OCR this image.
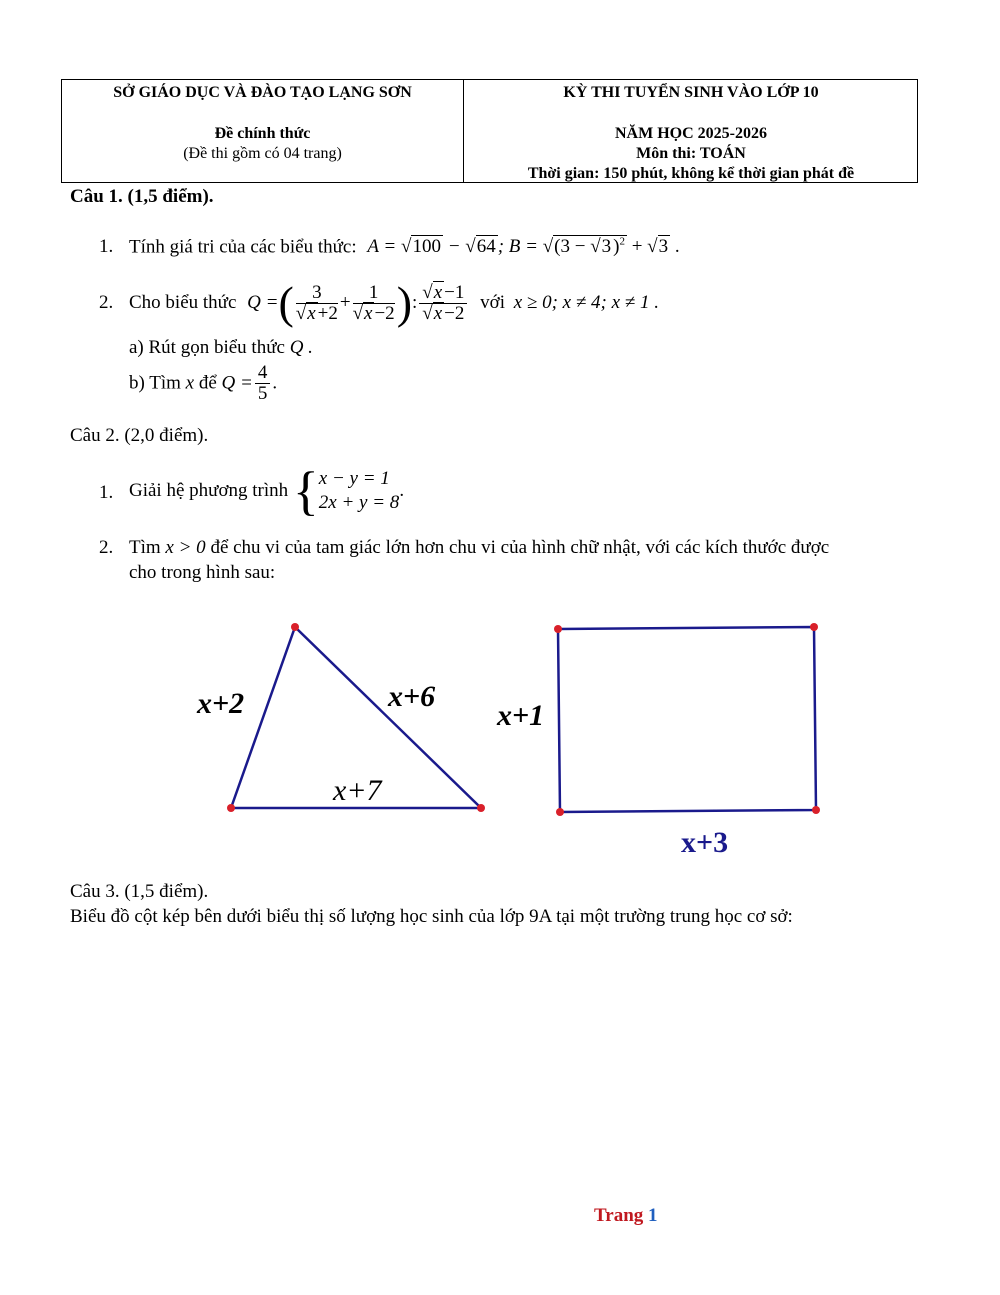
SỞ GIÁO DỤC VÀ ĐÀO TẠO LẠNG SƠN
Đề chính thức
(Đề thi gồm có 04 trang)
KỲ THI TUYỂN SINH VÀO LỚP 10
NĂM HỌC 2025-2026
Môn thi: TOÁN
Thời gian: 150 phút, không kể thời gian phát đề
Câu 1. (1,5 điểm).
1. Tính giá tri của các biểu thức: A = √100 − √64 ; B = √(3 − √3 )$^2$ + √3 .
2. Cho biểu thức Q =( $\frac{3}{√x +2} + \frac{1}{√x -2}$ ): $\frac{√x -1}{√x -2}$ với x ≥ 0; x ≠ 4; x ≠ 1 .
a) Rút gọn biểu thức Q .
b) Tìm x để $Q = \frac{4}{5}$ .
Câu 2. (2,0 điểm).
1. Giải hệ phương trình { x − y = 1
2x + y = 8
.
2. Tìm x > 0 để chu vi của tam giác lớn hơn chu vi của hình chữ nhật, với các kích thước được
cho trong hình sau:
x+2	x+6
x+7
x+1
x+3
Câu 3. (1,5 điểm).
Biểu đồ cột kép bên dưới biểu thị số lượng học sinh của lớp 9A tại một trường trung học cơ sở:
Trang 1
